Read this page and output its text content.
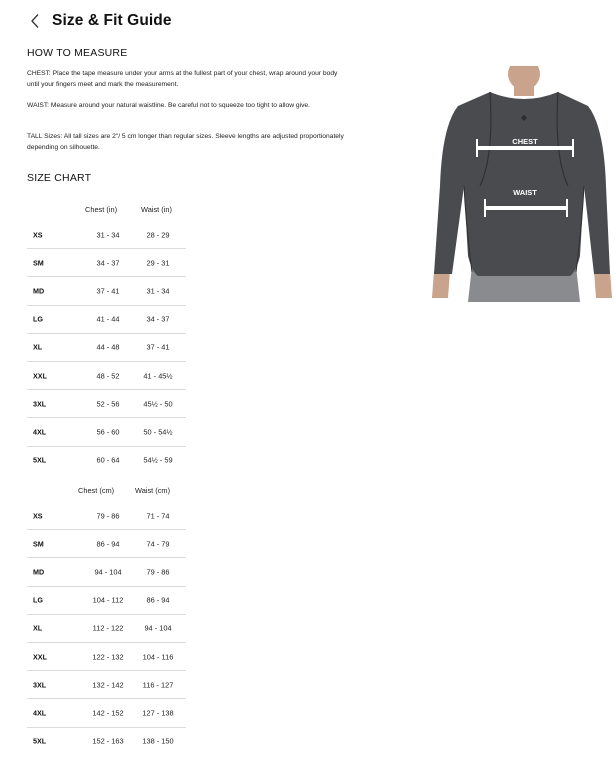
Size & Fit Guide
HOW TO MEASURE
CHEST: Place the tape measure under your arms at the fullest part of your chest, wrap around your body until your fingers meet and mark the measurement.
WAIST: Measure around your natural waistline. Be careful not to squeeze too tight to allow give.
TALL Sizes: All tall sizes are 2"/ 5 cm longer than regular sizes. Sleeve lengths are adjusted proportionately depending on silhouette.
SIZE CHART
Chest (in)	Waist (in)
XS	31 - 34	28 - 29
SM	34 - 37	29 - 31
MD	37 - 41	31 - 34
LG	41 - 44	34 - 37
XL	44 - 48	37 - 41
XXL	48 - 52	41 - 45½
3XL	52 - 56	45½ - 50
4XL	56 - 60	50 - 54½
5XL	60 - 64	54½ - 59
Chest (cm)	Waist (cm)
XS	79 - 86	71 - 74
SM	86 - 94	74 - 79
MD	94 - 104	79 - 86
LG	104 - 112	86 - 94
XL	112 - 122	94 - 104
XXL	122 - 132	104 - 116
3XL	132 - 142	116 - 127
4XL	142 - 152	127 - 138
5XL	152 - 163	138 - 150
◆
CHEST
WAIST
